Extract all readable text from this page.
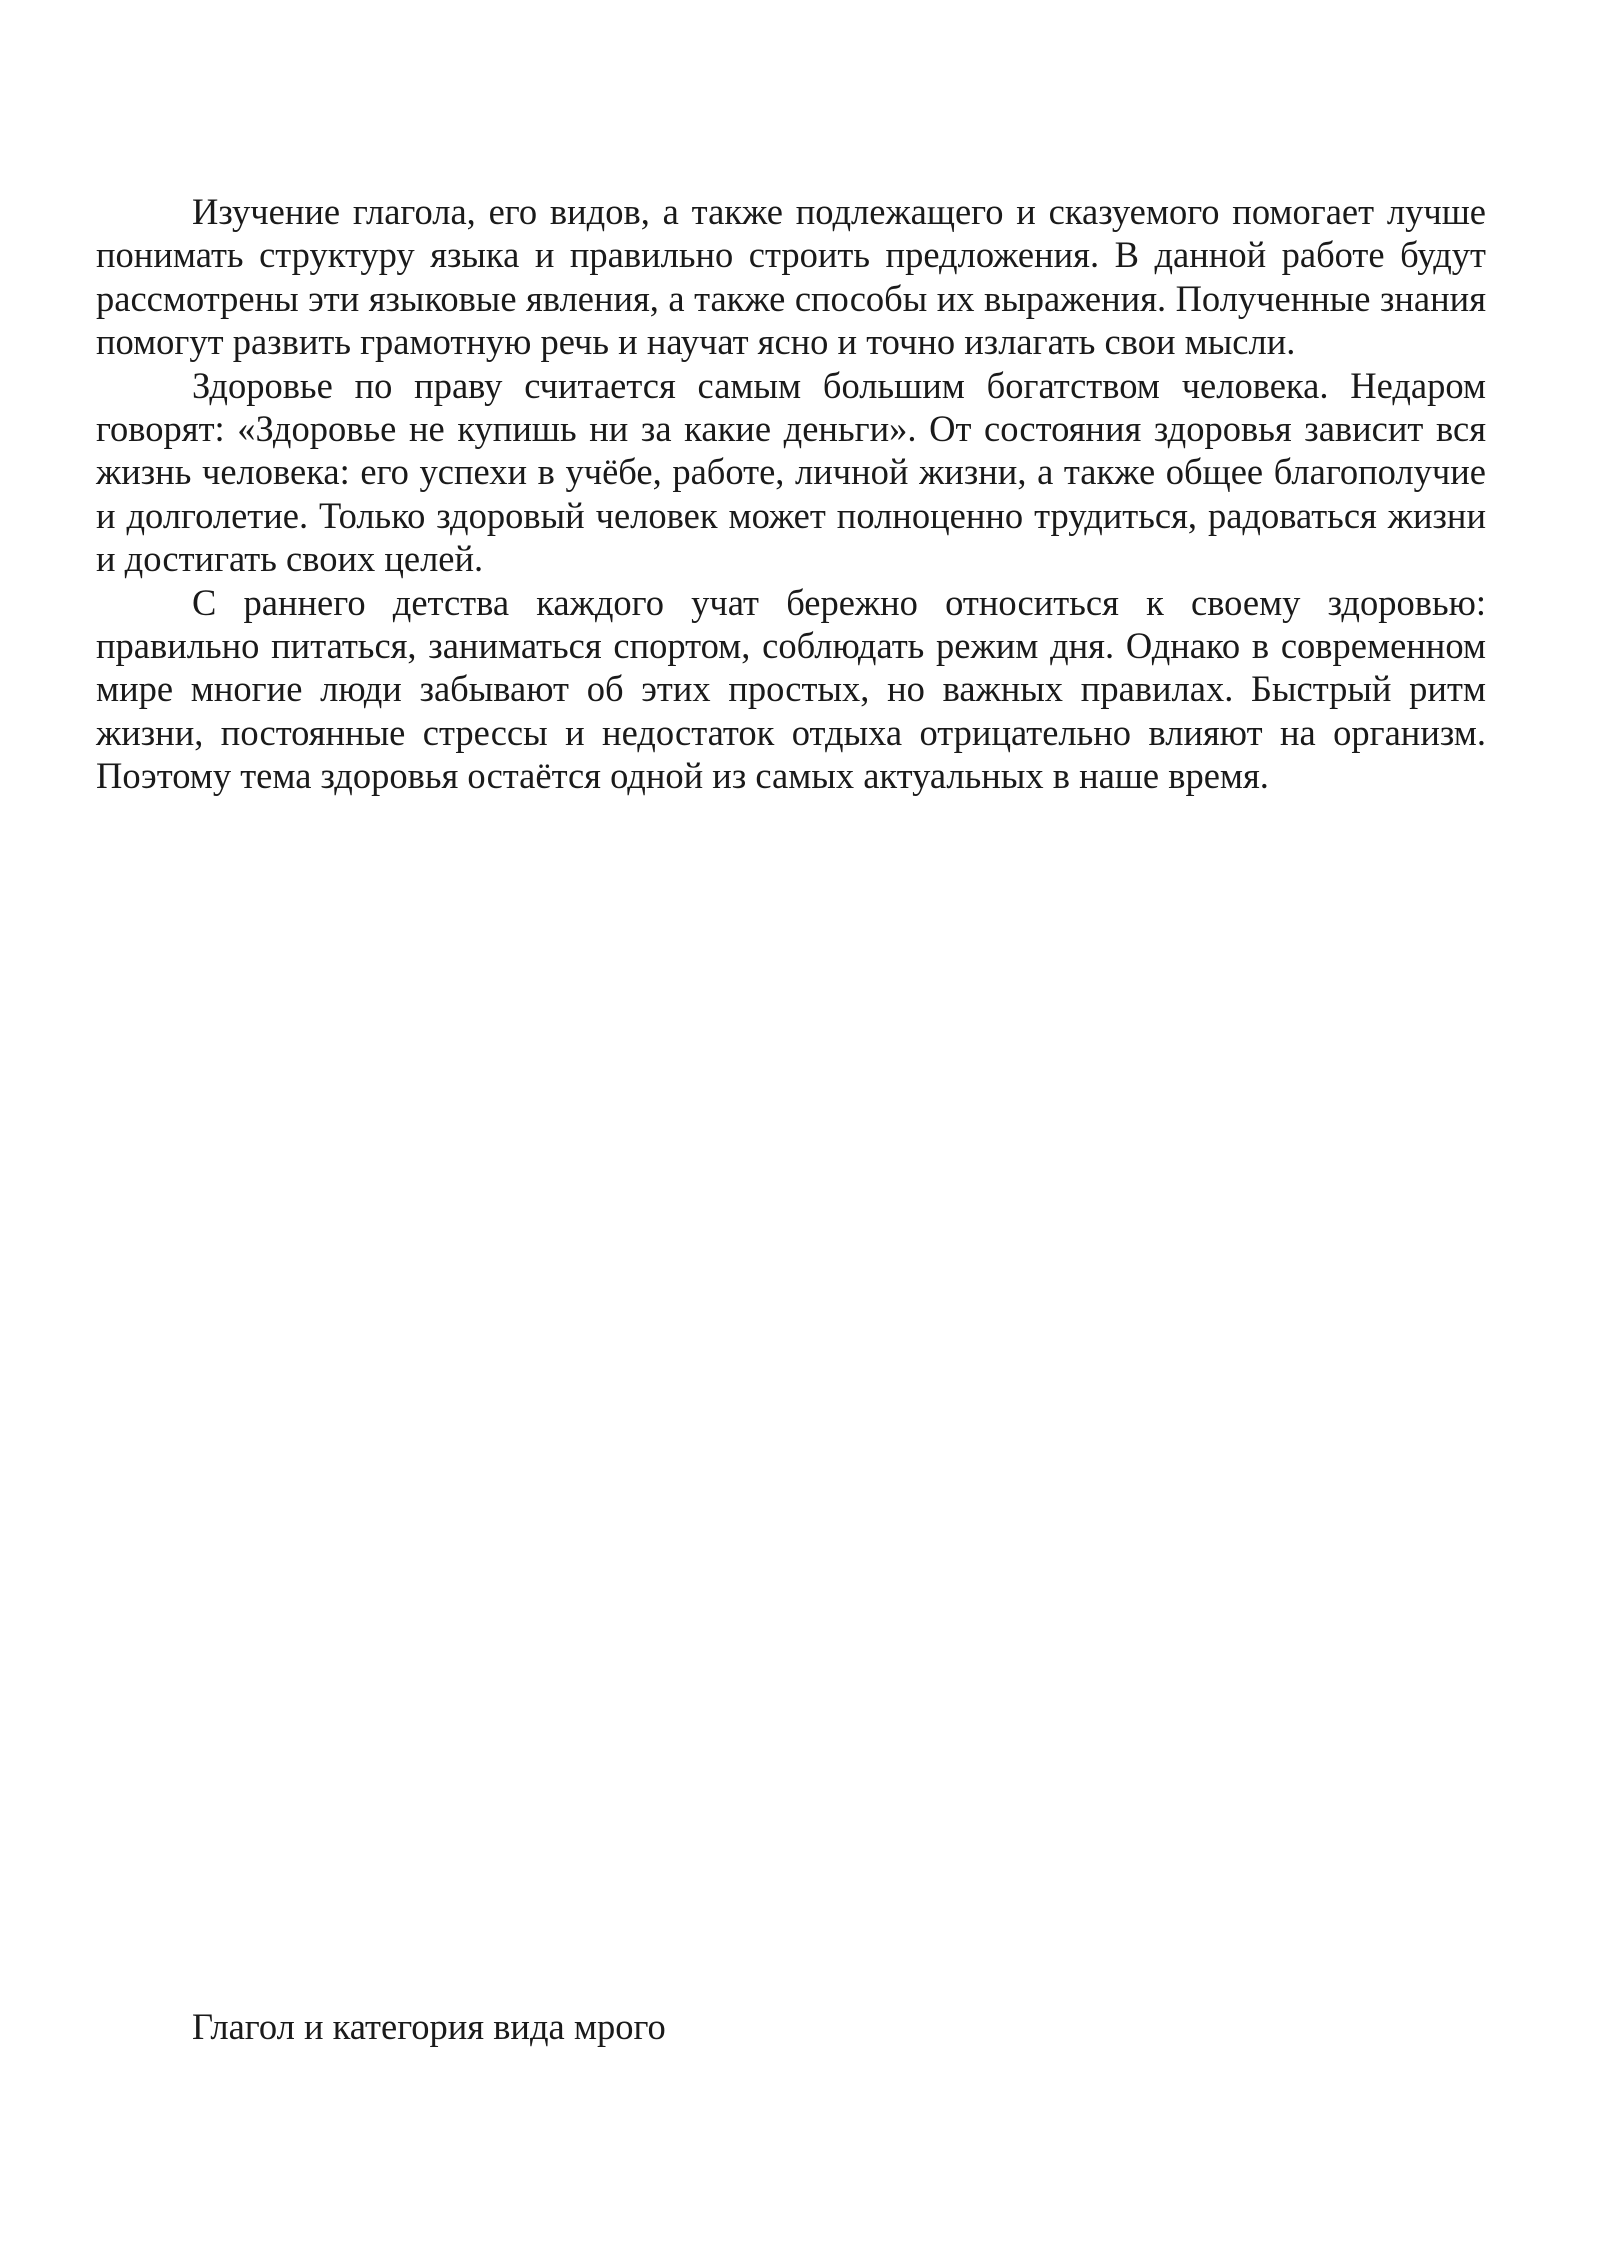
Изучение глагола, его видов, а также подлежащего и сказуемого помогает лучше понимать структуру языка и правильно строить предложения. В данной работе будут рассмотрены эти языковые явления, а также способы их выражения. Полученные знания помогут развить грамотную речь и научат ясно и точно излагать свои мысли.

Здоровье по праву считается самым большим богатством человека. Недаром говорят: «Здоровье не купишь ни за какие деньги». От состояния здоровья зависит вся жизнь человека: его успехи в учёбе, работе, личной жизни, а также общее благополучие и долголетие. Только здоровый человек может полноценно трудиться, радоваться жизни и достигать своих целей.

С раннего детства каждого учат бережно относиться к своему здоровью: правильно питаться, заниматься спортом, соблюдать режим дня. Однако в современном мире многие люди забывают об этих простых, но важных правилах. Быстрый ритм жизни, постоянные стрессы и недостаток отдыха отрицательно влияют на организм. Поэтому тема здоровья остаётся одной из самых актуальных в наше время.

Глагол и категория вида мрого
